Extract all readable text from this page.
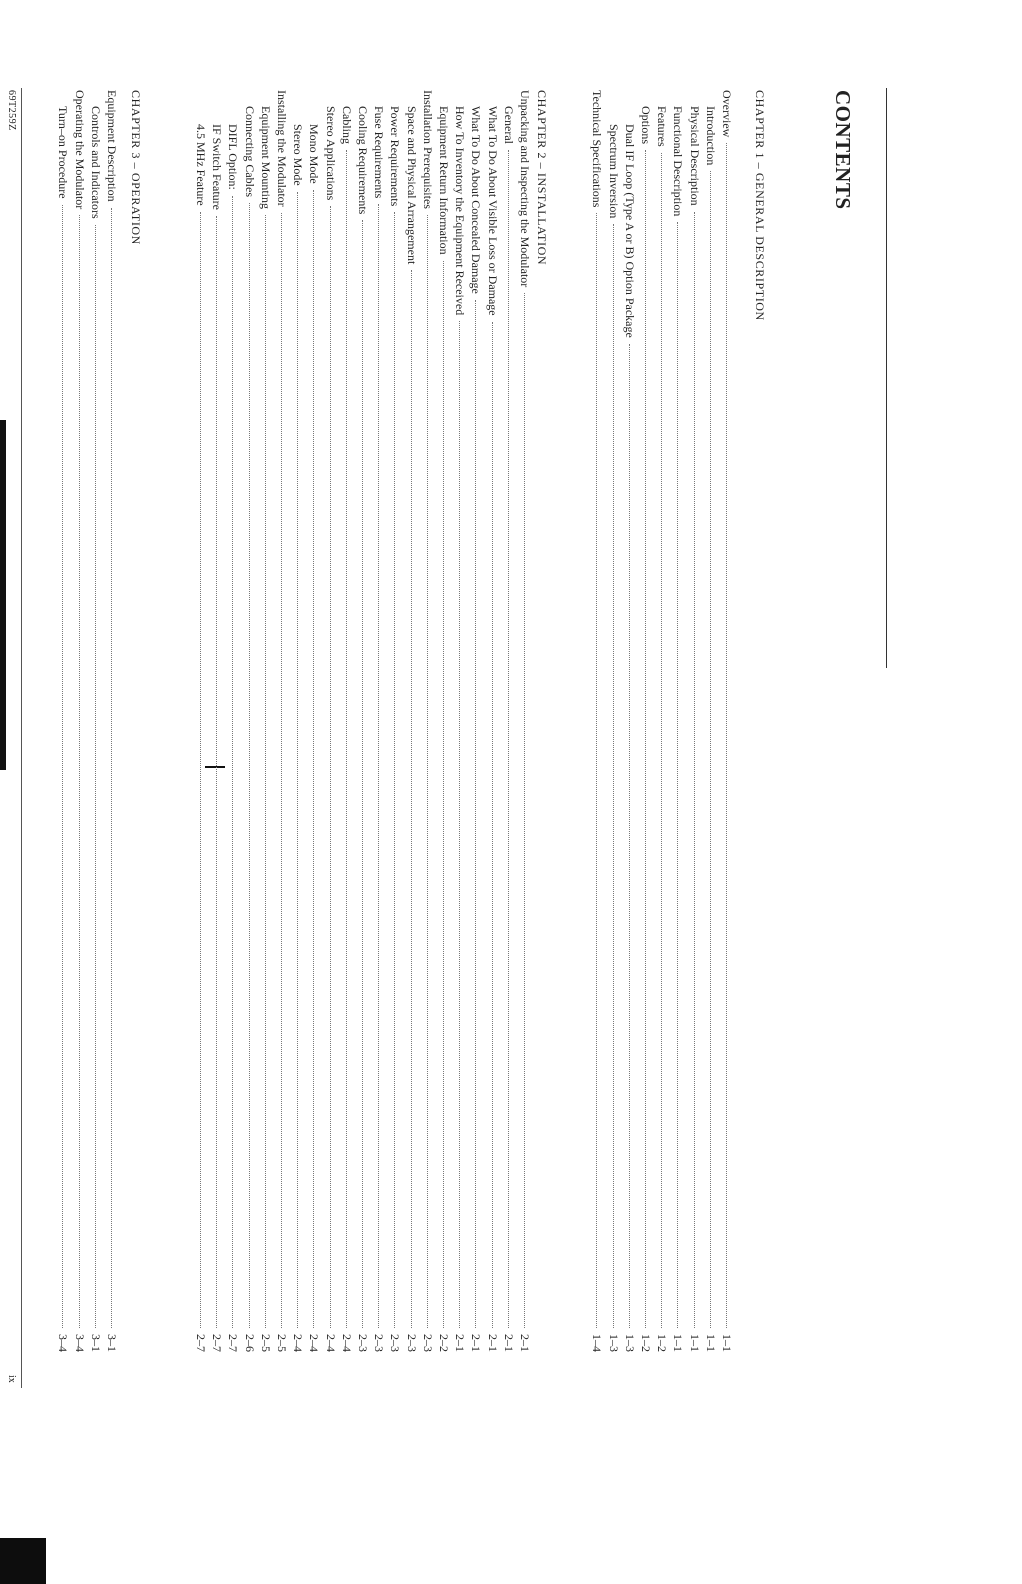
CONTENTS
CHAPTER 1 – GENERAL DESCRIPTION
Overview
1–1
Introduction
1–1
Physical Description
1–1
Functional Description
1–1
Features
1–2
Options
1–2
Dual IF Loop (Type A or B) Option Package
1–3
Spectrum Inversion
1–3
Technical Specifications
1–4
CHAPTER 2 – INSTALLATION
Unpacking and Inspecting the Modulator
2–1
General
2–1
What To Do About Visible Loss or Damage
2–1
What To Do About Concealed Damage
2–1
How To Inventory the Equipment Received
2–1
Equipment Return Information
2–2
Installation Prerequisites
2–3
Space and Physical Arrangement
2–3
Power Requirements
2–3
Fuse Requirements
2–3
Cooling Requirements
2–3
Cabling
2–4
Stereo Applications
2–4
Mono Mode
2–4
Stereo Mode
2–4
Installing the Modulator
2–5
Equipment Mounting
2–5
Connecting Cables
2–6
DIFL Option:
2–7
IF Switch Feature
2–7
4.5 MHz Feature
2–7
CHAPTER 3 – OPERATION
Equipment Description
3–1
Controls and Indicators
3–1
Operating the Modulator
3–4
Turn–on Procedure
3–4
69T259Z
ix
